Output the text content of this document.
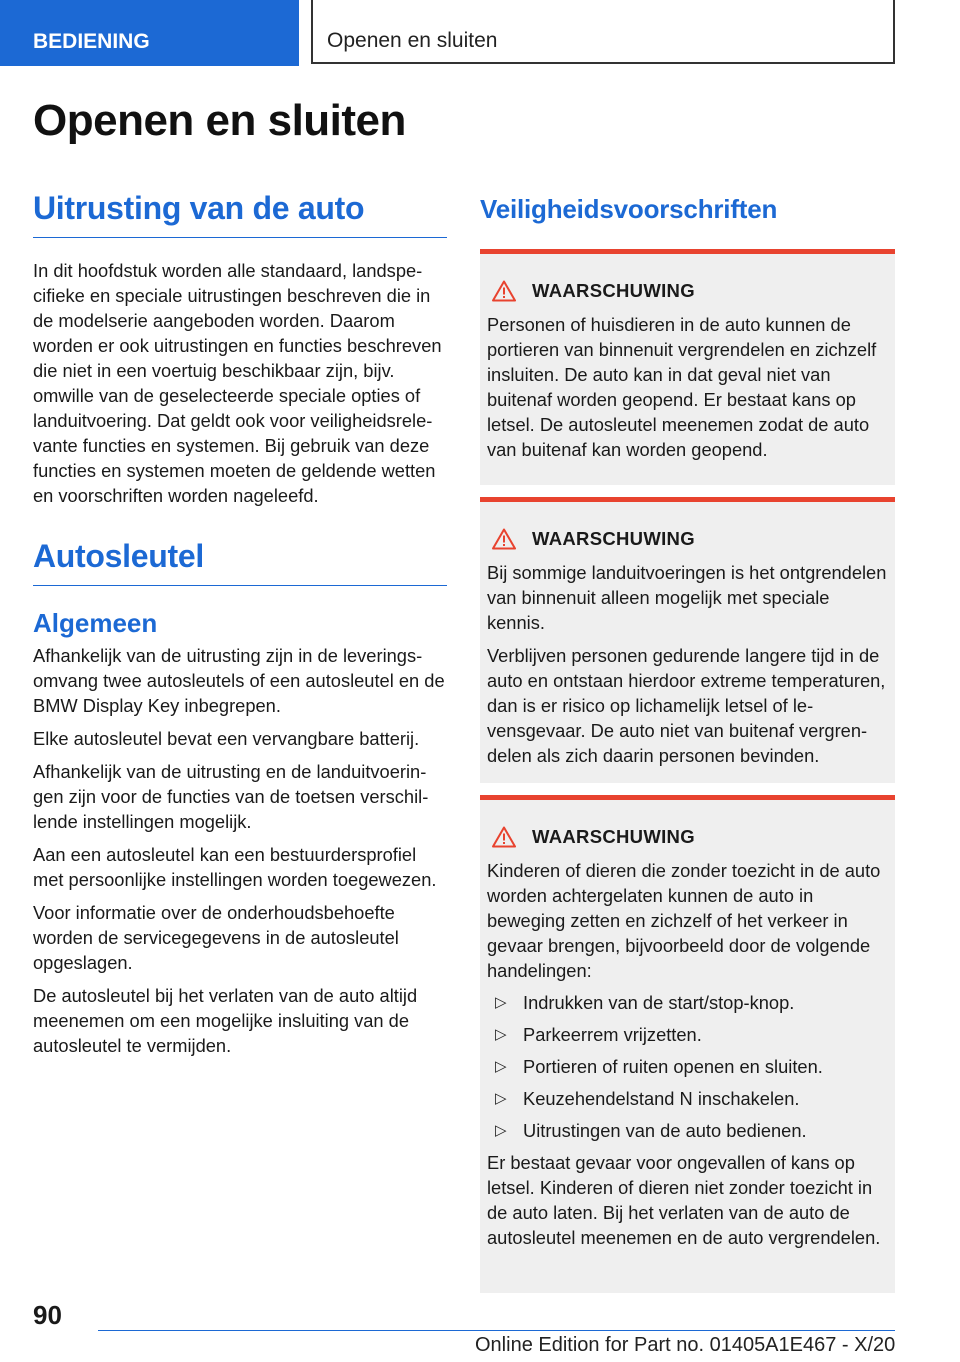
BEDIENING	Openen en sluiten
Openen en sluiten
Uitrusting van de auto

In dit hoofdstuk worden alle standaard, landspecifieke en speciale uitrustingen beschreven die in de modelserie aangeboden worden. Daarom worden er ook uitrustingen en functies beschreven die niet in een voertuig beschikbaar zijn, bijv. omwille van de geselecteerde speciale opties of landuitvoering. Dat geldt ook voor veiligheidsrelevante functies en systemen. Bij gebruik van deze functies en systemen moeten de geldende wetten en voorschriften worden nageleefd.

Autosleutel
Algemeen

Afhankelijk van de uitrusting zijn in de leveringsomvang twee autosleutels of een autosleutel en de BMW Display Key inbegrepen.

Elke autosleutel bevat een vervangbare batterij.

Afhankelijk van de uitrusting en de landuitvoeringen zijn voor de functies van de toetsen verschillende instellingen mogelijk.

Aan een autosleutel kan een bestuurdersprofiel met persoonlijke instellingen worden toegewezen.

Voor informatie over de onderhoudsbehoefte worden de servicegegevens in de autosleutel opgeslagen.

De autosleutel bij het verlaten van de auto altijd meenemen om een mogelijke insluiting van de autosleutel te vermijden.

Veiligheidsvoorschriften
WAARSCHUWING

Personen of huisdieren in de auto kunnen de portieren van binnenuit vergrendelen en zichzelf insluiten. De auto kan in dat geval niet van buitenaf worden geopend. Er bestaat kans op letsel. De autosleutel meenemen zodat de auto van buitenaf kan worden geopend.

WAARSCHUWING

Bij sommige landuitvoeringen is het ontgrendelen van binnenuit alleen mogelijk met speciale kennis.

Verblijven personen gedurende langere tijd in de auto en ontstaan hierdoor extreme temperaturen, dan is er risico op lichamelijk letsel of levensgevaar. De auto niet van buitenaf vergrendelen als zich daarin personen bevinden.

WAARSCHUWING

Kinderen of dieren die zonder toezicht in de auto worden achtergelaten kunnen de auto in beweging zetten en zichzelf of het verkeer in gevaar brengen, bijvoorbeeld door de volgende handelingen:

▷ Indrukken van de start/stop-knop.

▷ Parkeerrem vrijzetten.

▷ Portieren of ruiten openen en sluiten.

▷ Keuzehendelstand N inschakelen.

▷ Uitrustingen van de auto bedienen.

Er bestaat gevaar voor ongevallen of kans op letsel. Kinderen of dieren niet zonder toezicht in de auto laten. Bij het verlaten van de auto de autosleutel meenemen en de auto vergrendelen.

90
Online Edition for Part no. 01405A1E467 - X/20
